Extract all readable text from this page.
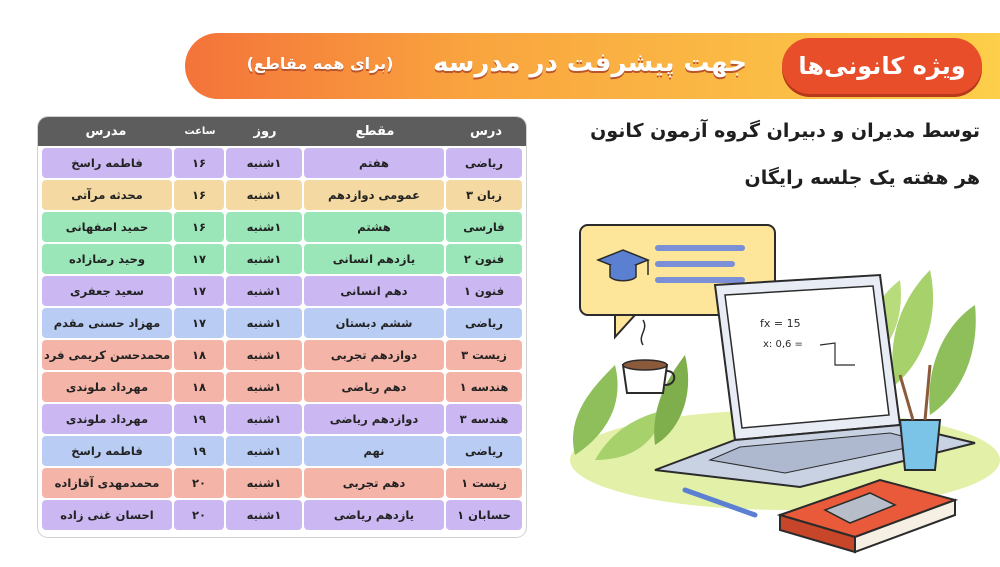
ویژه کانونی‌ها
جهت پیشرفت در مدرسه
(برای همه مقاطع)
توسط مدیران و دبیران گروه آزمون کانون
هر هفته یک جلسه رایگان
درس
مقطع
روز
ساعت
مدرس
ریاضی
هفتم
۱شنبه
۱۶
فاطمه راسخ
زبان ۳
عمومی دوازدهم
۱شنبه
۱۶
محدثه مرآتی
فارسی
هشتم
۱شنبه
۱۶
حمید اصفهانی
فنون ۲
یازدهم انسانی
۱شنبه
۱۷
وحید رضازاده
فنون ۱
دهم انسانی
۱شنبه
۱۷
سعید جعفری
ریاضی
ششم دبستان
۱شنبه
۱۷
مهزاد حسنی مقدم
زیست ۳
دوازدهم تجربی
۱شنبه
۱۸
محمدحسن کریمی فرد
هندسه ۱
دهم ریاضی
۱شنبه
۱۸
مهرداد ملوندی
هندسه ۳
دوازدهم ریاضی
۱شنبه
۱۹
مهرداد ملوندی
ریاضی
نهم
۱شنبه
۱۹
فاطمه راسخ
زیست ۱
دهم تجربی
۱شنبه
۲۰
محمدمهدی آقازاده
حسابان ۱
یازدهم ریاضی
۱شنبه
۲۰
احسان غنی زاده
fx = 15
x: 0,6 =
